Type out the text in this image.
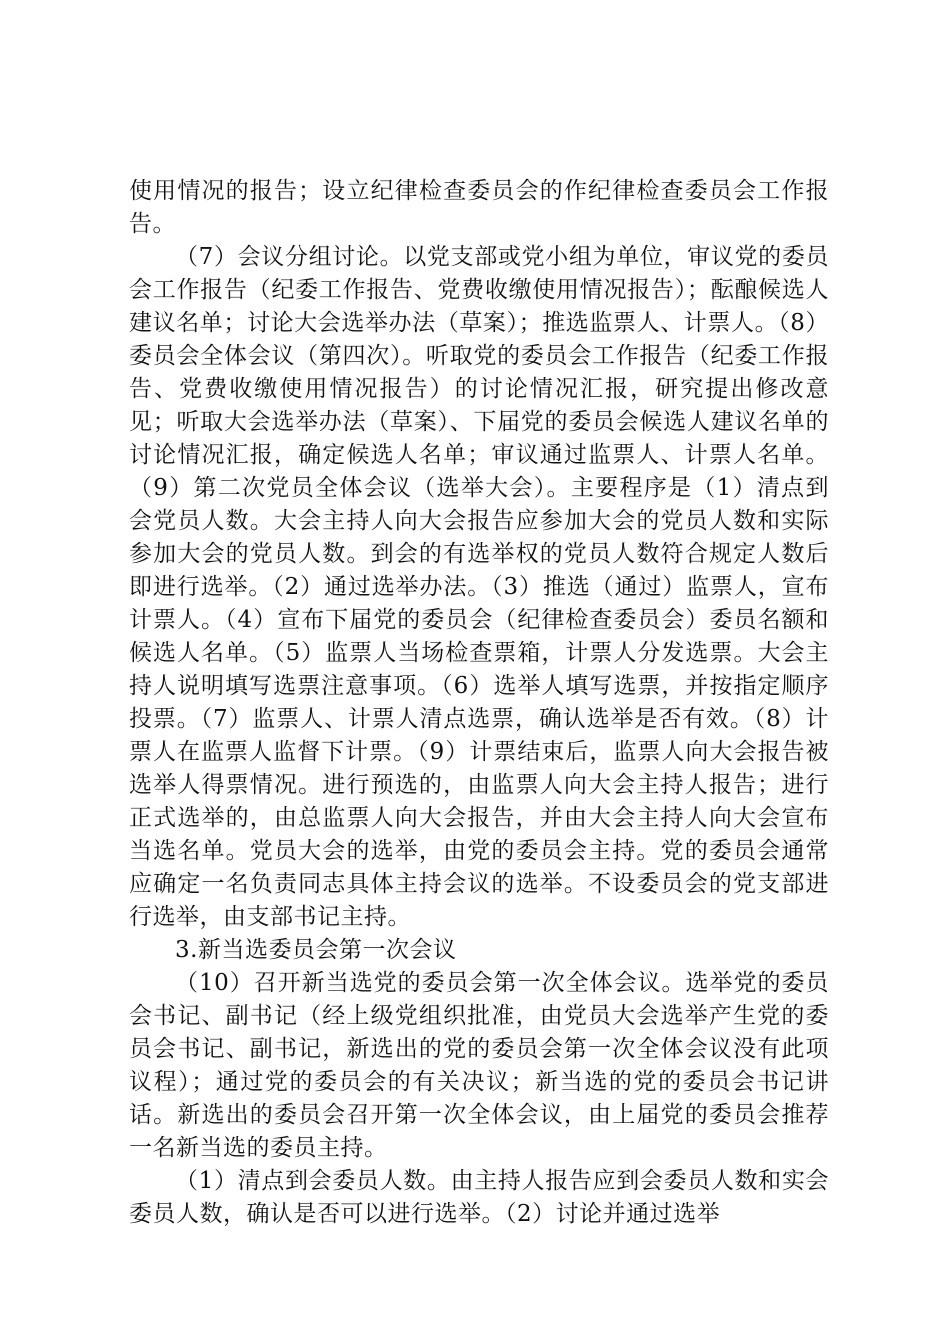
使用情况的报告；设立纪律检查委员会的作纪律检查委员会工作报告。

（7）会议分组讨论。以党支部或党小组为单位，审议党的委员会工作报告（纪委工作报告、党费收缴使用情况报告）；酝酿候选人建议名单；讨论大会选举办法（草案）；推选监票人、计票人。（8）委员会全体会议（第四次）。听取党的委员会工作报告（纪委工作报告、党费收缴使用情况报告）的讨论情况汇报，研究提出修改意见；听取大会选举办法（草案）、下届党的委员会候选人建议名单的讨论情况汇报，确定候选人名单；审议通过监票人、计票人名单。（9）第二次党员全体会议（选举大会）。主要程序是（1）清点到会党员人数。大会主持人向大会报告应参加大会的党员人数和实际参加大会的党员人数。到会的有选举权的党员人数符合规定人数后即进行选举。（2）通过选举办法。（3）推选（通过）监票人，宣布计票人。（4）宣布下届党的委员会（纪律检查委员会）委员名额和候选人名单。（5）监票人当场检查票箱，计票人分发选票。大会主持人说明填写选票注意事项。（6）选举人填写选票，并按指定顺序投票。（7）监票人、计票人清点选票，确认选举是否有效。（8）计票人在监票人监督下计票。（9）计票结束后，监票人向大会报告被选举人得票情况。进行预选的，由监票人向大会主持人报告；进行正式选举的，由总监票人向大会报告，并由大会主持人向大会宣布当选名单。党员大会的选举，由党的委员会主持。党的委员会通常应确定一名负责同志具体主持会议的选举。不设委员会的党支部进行选举，由支部书记主持。

3.新当选委员会第一次会议

（10）召开新当选党的委员会第一次全体会议。选举党的委员会书记、副书记（经上级党组织批准，由党员大会选举产生党的委员会书记、副书记，新选出的党的委员会第一次全体会议没有此项议程）；通过党的委员会的有关决议；新当选的党的委员会书记讲话。新选出的委员会召开第一次全体会议，由上届党的委员会推荐一名新当选的委员主持。

（1）清点到会委员人数。由主持人报告应到会委员人数和实会委员人数，确认是否可以进行选举。（2）讨论并通过选举
